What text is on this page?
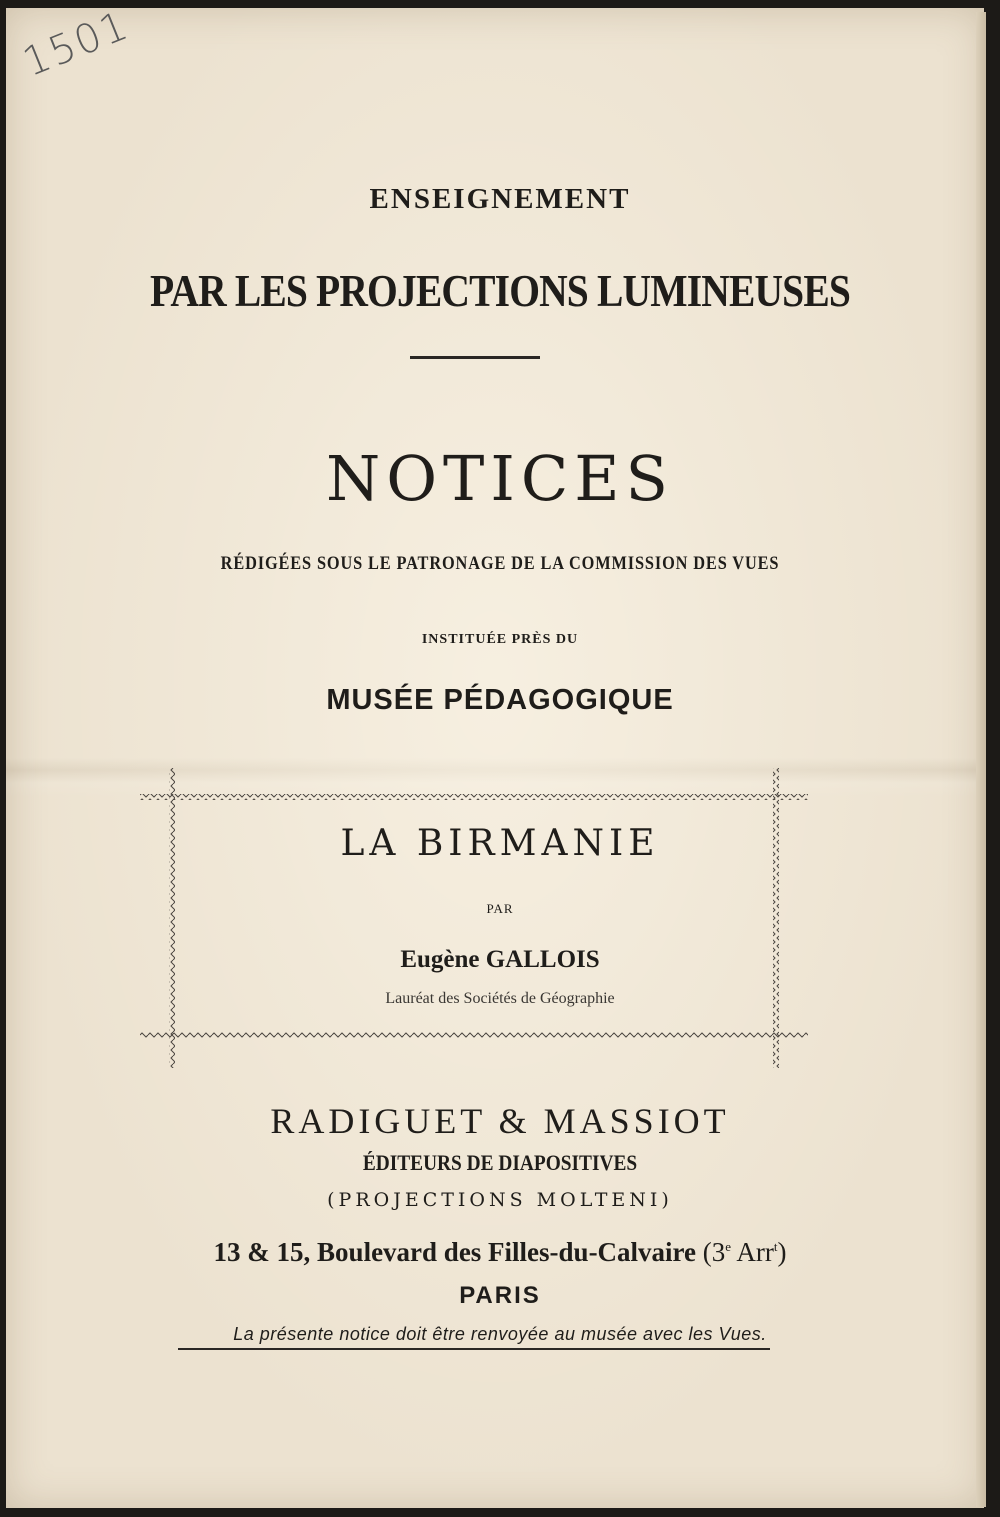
1501
ENSEIGNEMENT
PAR LES PROJECTIONS LUMINEUSES
NOTICES
RÉDIGÉES SOUS LE PATRONAGE DE LA COMMISSION DES VUES
INSTITUÉE PRÈS DU
MUSÉE PÉDAGOGIQUE
LA BIRMANIE
PAR
Eugène GALLOIS
Lauréat des Sociétés de Géographie
RADIGUET & MASSIOT
ÉDITEURS DE DIAPOSITIVES
(PROJECTIONS MOLTENI)
13 & 15, Boulevard des Filles-du-Calvaire (3e Arr$^t$)
PARIS
La présente notice doit être renvoyée au musée avec les Vues.
